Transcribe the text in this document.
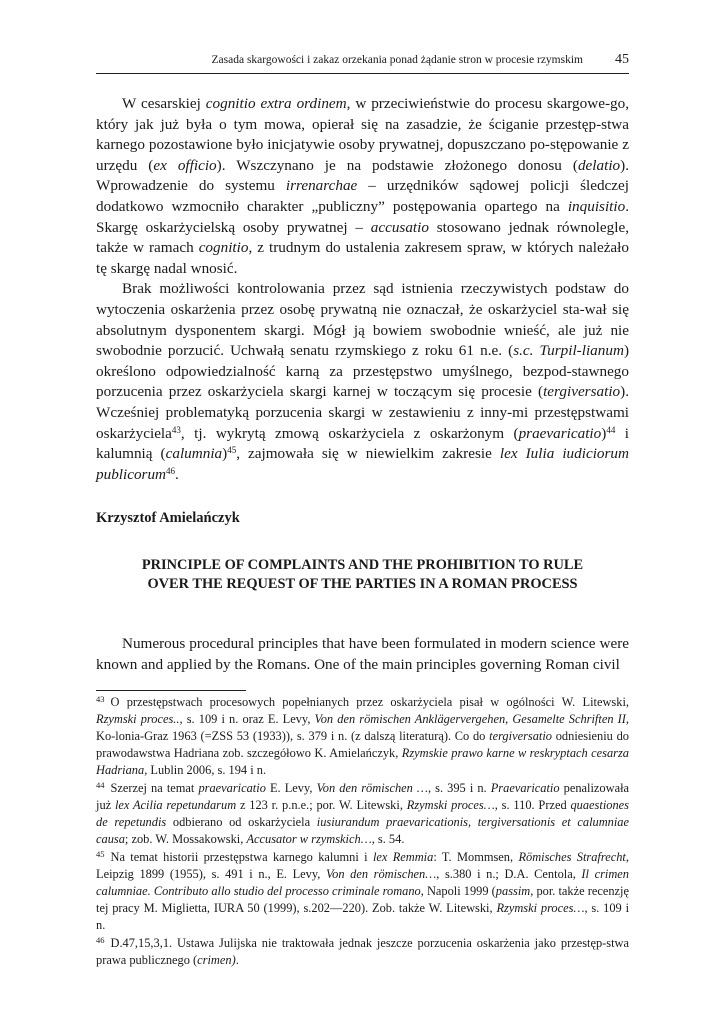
Zasada skargowości i zakaz orzekania ponad żądanie stron w procesie rzymskim 45

W cesarskiej cognitio extra ordinem, w przeciwieństwie do procesu skargowe-go, który jak już była o tym mowa, opierał się na zasadzie, że ściganie przestęp-stwa karnego pozostawione było inicjatywie osoby prywatnej, dopuszczano po-stępowanie z urzędu (ex officio). Wszczynano je na podstawie złożonego donosu (delatio). Wprowadzenie do systemu irrenarchae – urzędników sądowej policji śledczej dodatkowo wzmocniło charakter „publiczny” postępowania opartego na inquisitio. Skargę oskarżycielską osoby prywatnej – accusatio stosowano jednak równolegle, także w ramach cognitio, z trudnym do ustalenia zakresem spraw, w których należało tę skargę nadal wnosić.

Brak możliwości kontrolowania przez sąd istnienia rzeczywistych podstaw do wytoczenia oskarżenia przez osobę prywatną nie oznaczał, że oskarżyciel sta-wał się absolutnym dysponentem skargi. Mógł ją bowiem swobodnie wnieść, ale już nie swobodnie porzucić. Uchwałą senatu rzymskiego z roku 61 n.e. (s.c. Turpil-lianum) określono odpowiedzialność karną za przestępstwo umyślnego, bezpod-stawnego porzucenia przez oskarżyciela skargi karnej w toczącym się procesie (tergiversatio). Wcześniej problematyką porzucenia skargi w zestawieniu z inny-mi przestępstwami oskarżyciela$^{43}$, tj. wykrytą zmową oskarżyciela z oskarżonym (praevaricatio)$^{44}$ i kalumnią (calumnia)$^{45}$, zajmowała się w niewielkim zakresie lex Iulia iudiciorum publicorum$^{46}$.

Krzysztof Amielańczyk
PRINCIPLE OF COMPLAINTS AND THE PROHIBITION TO RULE
OVER THE REQUEST OF THE PARTIES IN A ROMAN PROCESS

Numerous procedural principles that have been formulated in modern science were known and applied by the Romans. One of the main principles governing Roman civil

$^{43}$ O przestępstwach procesowych popełnianych przez oskarżyciela pisał w ogólności W. Litewski, Rzymski proces.., s. 109 i n. oraz E. Levy, Von den römischen Anklägervergehen, Gesamelte Schriften II, Ko-lonia-Graz 1963 (=ZSS 53 (1933)), s. 379 i n. (z dalszą literaturą). Co do tergiversatio odniesieniu do prawodawstwa Hadriana zob. szczegółowo K. Amielańczyk, Rzymskie prawo karne w reskryptach cesarza Hadriana, Lublin 2006, s. 194 i n.

$^{44}$ Szerzej na temat praevaricatio E. Levy, Von den römischen …, s. 395 i n. Praevaricatio penalizowała już lex Acilia repetundarum z 123 r. p.n.e.; por. W. Litewski, Rzymski proces…, s. 110. Przed quaestiones de repetundis odbierano od oskarżyciela iusiurandum praevaricationis, tergiversationis et calumniae causa; zob. W. Mossakowski, Accusator w rzymskich…, s. 54.

$^{45}$ Na temat historii przestępstwa karnego kalumni i lex Remmia: T. Mommsen, Römisches Strafrecht, Leipzig 1899 (1955), s. 491 i n., E. Levy, Von den römischen…, s.380 i n.; D.A. Centola, Il crimen calumniae. Contributo allo studio del processo criminale romano, Napoli 1999 (passim, por. także recenzję tej pracy M. Miglietta, IURA 50 (1999), s.202—220). Zob. także W. Litewski, Rzymski proces…, s. 109 i n.

$^{46}$ D.47,15,3,1. Ustawa Julijska nie traktowała jednak jeszcze porzucenia oskarżenia jako przestęp-stwa prawa publicznego (crimen).
